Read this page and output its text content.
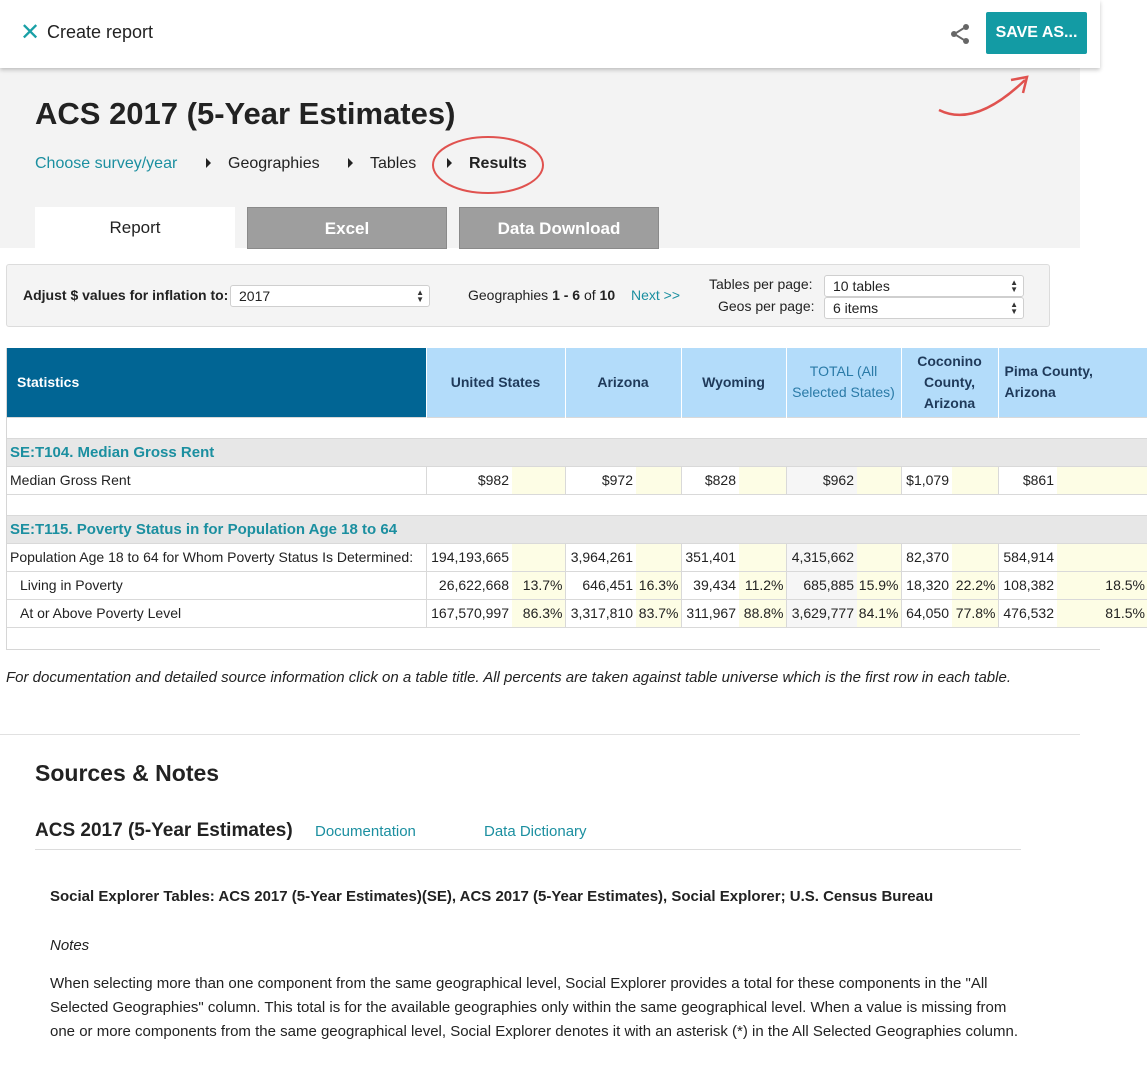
✕ Create report	SAVE AS...
ACS 2017 (5-Year Estimates)
Choose survey/year	Geographies	Tables	Results
Report	Excel	Data Download
Adjust $ values for inflation to: 2017	▲
▼	Geographies 1 - 6 of 10 Next >>
Tables per page:	10 tables	▲
▼
Geos per page:	6 items	▲
▼
Statistics	United States		Arizona		Wyoming		TOTAL (All Selected States)		Coconino County, Arizona		Pima County, Arizona	

SE:T104. Median Gross Rent												
Median Gross Rent	$982		$972		$828		$962		$1,079		$861	

SE:T115. Poverty Status in for Population Age 18 to 64												
Population Age 18 to 64 for Whom Poverty Status Is Determined:	194,193,665		3,964,261		351,401		4,315,662		82,370		584,914	
Living in Poverty	26,622,668	13.7%	646,451	16.3%	39,434	11.2%	685,885	15.9%	18,320	22.2%	108,382	18.5%
At or Above Poverty Level	167,570,997	86.3%	3,317,810	83.7%	311,967	88.8%	3,629,777	84.1%	64,050	77.8%	476,532	81.5%

For documentation and detailed source information click on a table title. All percents are taken against table universe which is the first row in each table.
Sources & Notes
ACS 2017 (5-Year Estimates) Documentation	Data Dictionary
Social Explorer Tables: ACS 2017 (5-Year Estimates)(SE), ACS 2017 (5-Year Estimates), Social Explorer; U.S. Census Bureau
Notes
When selecting more than one component from the same geographical level, Social Explorer provides a total for these components in the "All Selected Geographies" column. This total is for the available geographies only within the same geographical level. When a value is missing from one or more components from the same geographical level, Social Explorer denotes it with an asterisk (*) in the All Selected Geographies column.
